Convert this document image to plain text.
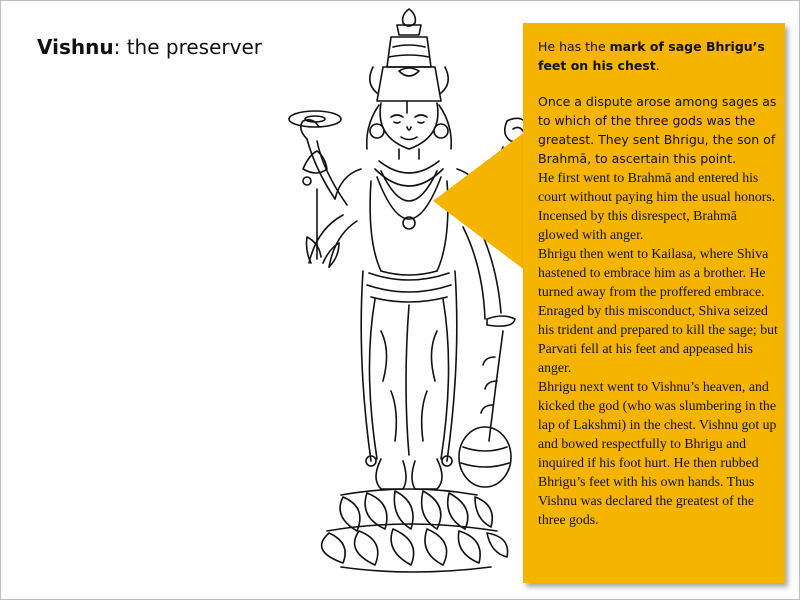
Vishnu: the preserver	He has the mark of sage Bhrigu’s feet on his chest.

Once a dispute arose among sages as to which of the three gods was the greatest. They sent Bhrigu, the son of Brahmā, to ascertain this point.

He first went to Brahmā and entered his court without paying him the usual honors. Incensed by this disrespect, Brahmā glowed with anger.

Bhrigu then went to Kailasa, where Shiva hastened to embrace him as a brother. He turned away from the proffered embrace. Enraged by this misconduct, Shiva seized his trident and prepared to kill the sage; but Parvati fell at his feet and appeased his anger.

Bhrigu next went to Vishnu’s heaven, and kicked the god (who was slumbering in the lap of Lakshmi) in the chest. Vishnu got up and bowed respectfully to Bhrigu and inquired if his foot hurt. He then rubbed Bhrigu’s feet with his own hands. Thus Vishnu was declared the greatest of the three gods.
